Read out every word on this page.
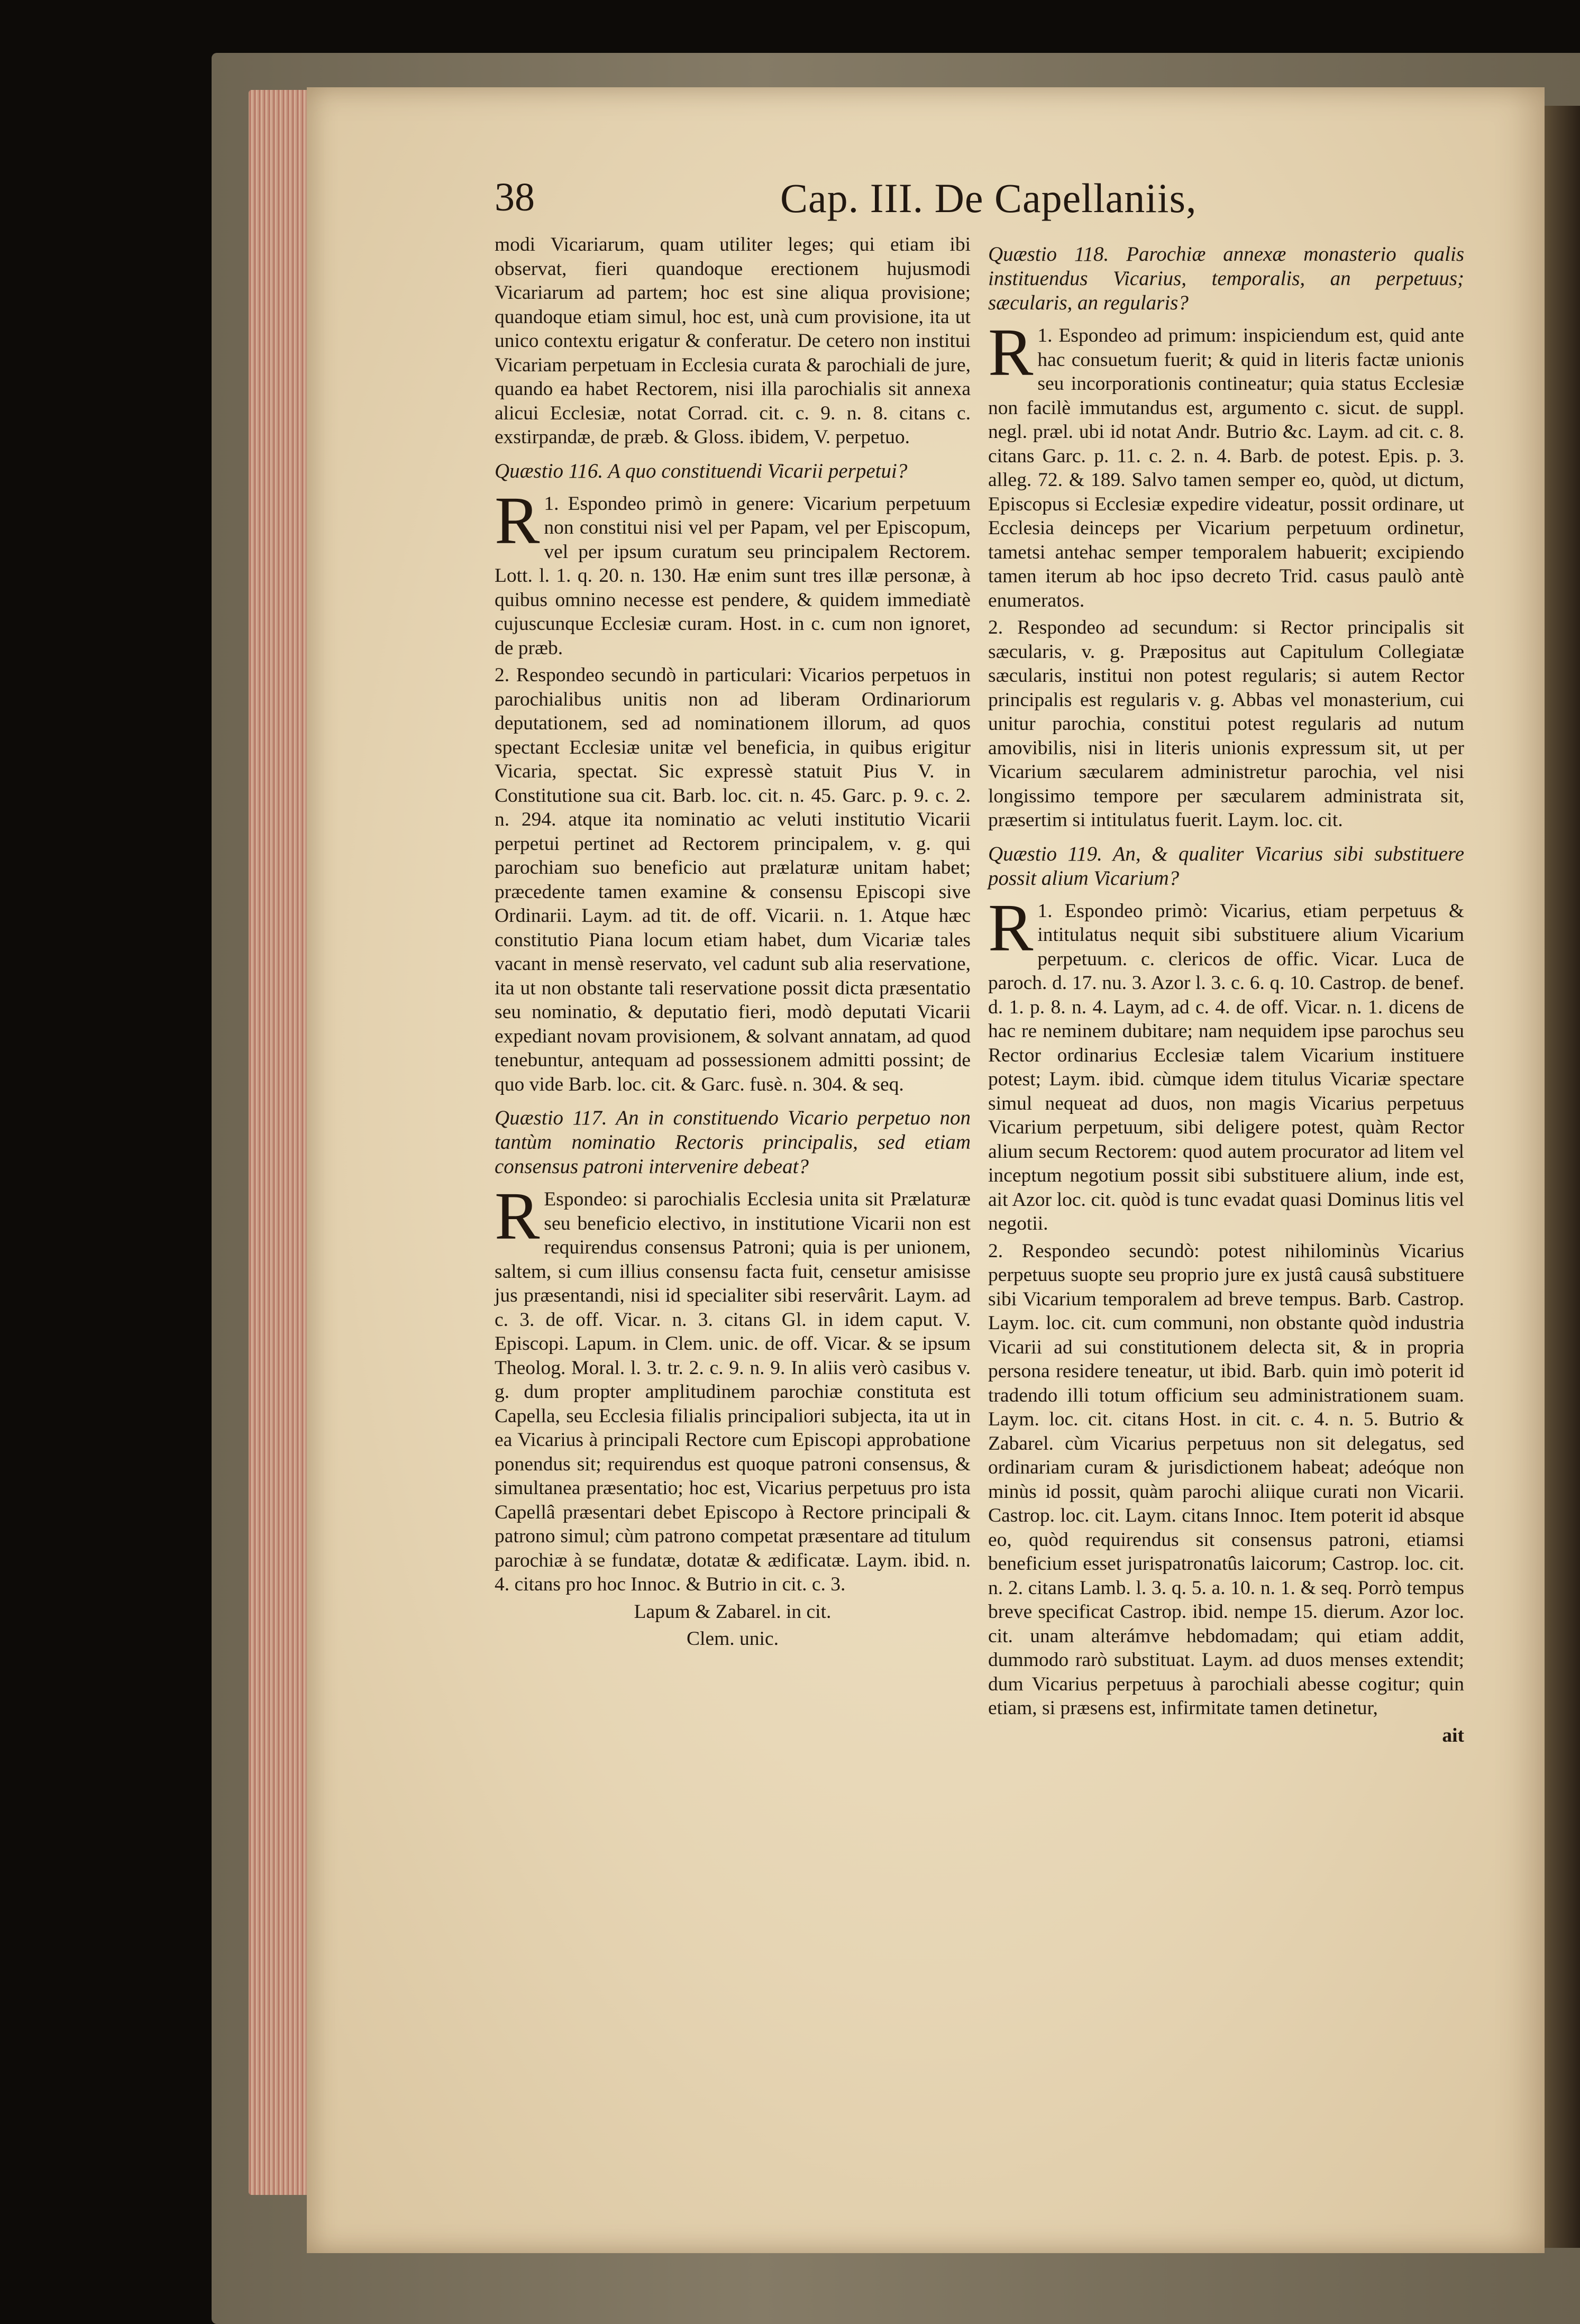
38	Cap. III. De Capellaniis,

modi Vicariarum, quam utiliter leges; qui etiam ibi observat, fieri quandoque erectionem hujusmodi Vicariarum ad partem; hoc est sine aliqua provisione; quandoque etiam simul, hoc est, unà cum provisione, ita ut unico contextu erigatur & conferatur. De cetero non institui Vicariam perpetuam in Ecclesia curata & parochiali de jure, quando ea habet Rectorem, nisi illa parochialis sit annexa alicui Ecclesiæ, notat Corrad. cit. c. 9. n. 8. citans c. exstirpandæ, de præb. & Gloss. ibidem, V. perpetuo.

Quæstio 116. A quo constituendi Vicarii perpetui?

R 1. Espondeo primò in genere: Vicarium perpetuum non constitui nisi vel per Papam, vel per Episcopum, vel per ipsum curatum seu principalem Rectorem. Lott. l. 1. q. 20. n. 130. Hæ enim sunt tres illæ personæ, à quibus omnino necesse est pendere, & quidem immediatè cujuscunque Ecclesiæ curam. Host. in c. cum non ignoret, de præb.

2. Respondeo secundò in particulari: Vicarios perpetuos in parochialibus unitis non ad liberam Ordinariorum deputationem, sed ad nominationem illorum, ad quos spectant Ecclesiæ unitæ vel beneficia, in quibus erigitur Vicaria, spectat. Sic expressè statuit Pius V. in Constitutione sua cit. Barb. loc. cit. n. 45. Garc. p. 9. c. 2. n. 294. atque ita nominatio ac veluti institutio Vicarii perpetui pertinet ad Rectorem principalem, v. g. qui parochiam suo beneficio aut prælaturæ unitam habet; præcedente tamen examine & consensu Episcopi sive Ordinarii. Laym. ad tit. de off. Vicarii. n. 1. Atque hæc constitutio Piana locum etiam habet, dum Vicariæ tales vacant in mensè reservato, vel cadunt sub alia reservatione, ita ut non obstante tali reservatione possit dicta præsentatio seu nominatio, & deputatio fieri, modò deputati Vicarii expediant novam provisionem, & solvant annatam, ad quod tenebuntur, antequam ad possessionem admitti possint; de quo vide Barb. loc. cit. & Garc. fusè. n. 304. & seq.

Quæstio 117. An in constituendo Vicario perpetuo non tantùm nominatio Rectoris principalis, sed etiam consensus patroni intervenire debeat?

R Espondeo: si parochialis Ecclesia unita sit Prælaturæ seu beneficio electivo, in institutione Vicarii non est requirendus consensus Patroni; quia is per unionem, saltem, si cum illius consensu facta fuit, censetur amisisse jus præsentandi, nisi id specialiter sibi reservârit. Laym. ad c. 3. de off. Vicar. n. 3. citans Gl. in idem caput. V. Episcopi. Lapum. in Clem. unic. de off. Vicar. & se ipsum Theolog. Moral. l. 3. tr. 2. c. 9. n. 9. In aliis verò casibus v. g. dum propter amplitudinem parochiæ constituta est Capella, seu Ecclesia filialis principaliori subjecta, ita ut in ea Vicarius à principali Rectore cum Episcopi approbatione ponendus sit; requirendus est quoque patroni consensus, & simultanea præsentatio; hoc est, Vicarius perpetuus pro ista Capellâ præsentari debet Episcopo à Rectore principali & patrono simul; cùm patrono competat præsentare ad titulum parochiæ à se fundatæ, dotatæ & ædificatæ. Laym. ibid. n. 4. citans pro hoc Innoc. & Butrio in cit. c. 3.

Lapum & Zabarel. in cit.

Clem. unic.

Quæstio 118. Parochiæ annexæ monasterio qualis instituendus Vicarius, temporalis, an perpetuus; sæcularis, an regularis?

R 1. Espondeo ad primum: inspiciendum est, quid ante hac consuetum fuerit; & quid in literis factæ unionis seu incorporationis contineatur; quia status Ecclesiæ non facilè immutandus est, argumento c. sicut. de suppl. negl. præl. ubi id notat Andr. Butrio &c. Laym. ad cit. c. 8. citans Garc. p. 11. c. 2. n. 4. Barb. de potest. Epis. p. 3. alleg. 72. & 189. Salvo tamen semper eo, quòd, ut dictum, Episcopus si Ecclesiæ expedire videatur, possit ordinare, ut Ecclesia deinceps per Vicarium perpetuum ordinetur, tametsi antehac semper temporalem habuerit; excipiendo tamen iterum ab hoc ipso decreto Trid. casus paulò antè enumeratos.

2. Respondeo ad secundum: si Rector principalis sit sæcularis, v. g. Præpositus aut Capitulum Collegiatæ sæcularis, institui non potest regularis; si autem Rector principalis est regularis v. g. Abbas vel monasterium, cui unitur parochia, constitui potest regularis ad nutum amovibilis, nisi in literis unionis expressum sit, ut per Vicarium sæcularem administretur parochia, vel nisi longissimo tempore per sæcularem administrata sit, præsertim si intitulatus fuerit. Laym. loc. cit.

Quæstio 119. An, & qualiter Vicarius sibi substituere possit alium Vicarium?

R 1. Espondeo primò: Vicarius, etiam perpetuus & intitulatus nequit sibi substituere alium Vicarium perpetuum. c. clericos de offic. Vicar. Luca de paroch. d. 17. nu. 3. Azor l. 3. c. 6. q. 10. Castrop. de benef. d. 1. p. 8. n. 4. Laym, ad c. 4. de off. Vicar. n. 1. dicens de hac re neminem dubitare; nam nequidem ipse parochus seu Rector ordinarius Ecclesiæ talem Vicarium instituere potest; Laym. ibid. cùmque idem titulus Vicariæ spectare simul nequeat ad duos, non magis Vicarius perpetuus Vicarium perpetuum, sibi deligere potest, quàm Rector alium secum Rectorem: quod autem procurator ad litem vel inceptum negotium possit sibi substituere alium, inde est, ait Azor loc. cit. quòd is tunc evadat quasi Dominus litis vel negotii.

2. Respondeo secundò: potest nihilominùs Vicarius perpetuus suopte seu proprio jure ex justâ causâ substituere sibi Vicarium temporalem ad breve tempus. Barb. Castrop. Laym. loc. cit. cum communi, non obstante quòd industria Vicarii ad sui constitutionem delecta sit, & in propria persona residere teneatur, ut ibid. Barb. quin imò poterit id tradendo illi totum officium seu administrationem suam. Laym. loc. cit. citans Host. in cit. c. 4. n. 5. Butrio & Zabarel. cùm Vicarius perpetuus non sit delegatus, sed ordinariam curam & jurisdictionem habeat; adeóque non minùs id possit, quàm parochi aliique curati non Vicarii. Castrop. loc. cit. Laym. citans Innoc. Item poterit id absque eo, quòd requirendus sit consensus patroni, etiamsi beneficium esset jurispatronatûs laicorum; Castrop. loc. cit. n. 2. citans Lamb. l. 3. q. 5. a. 10. n. 1. & seq. Porrò tempus breve specificat Castrop. ibid. nempe 15. dierum. Azor loc. cit. unam alterámve hebdomadam; qui etiam addit, dummodo rarò substituat. Laym. ad duos menses extendit; dum Vicarius perpetuus à parochiali abesse cogitur; quin etiam, si præsens est, infirmitate tamen detinetur,

ait
